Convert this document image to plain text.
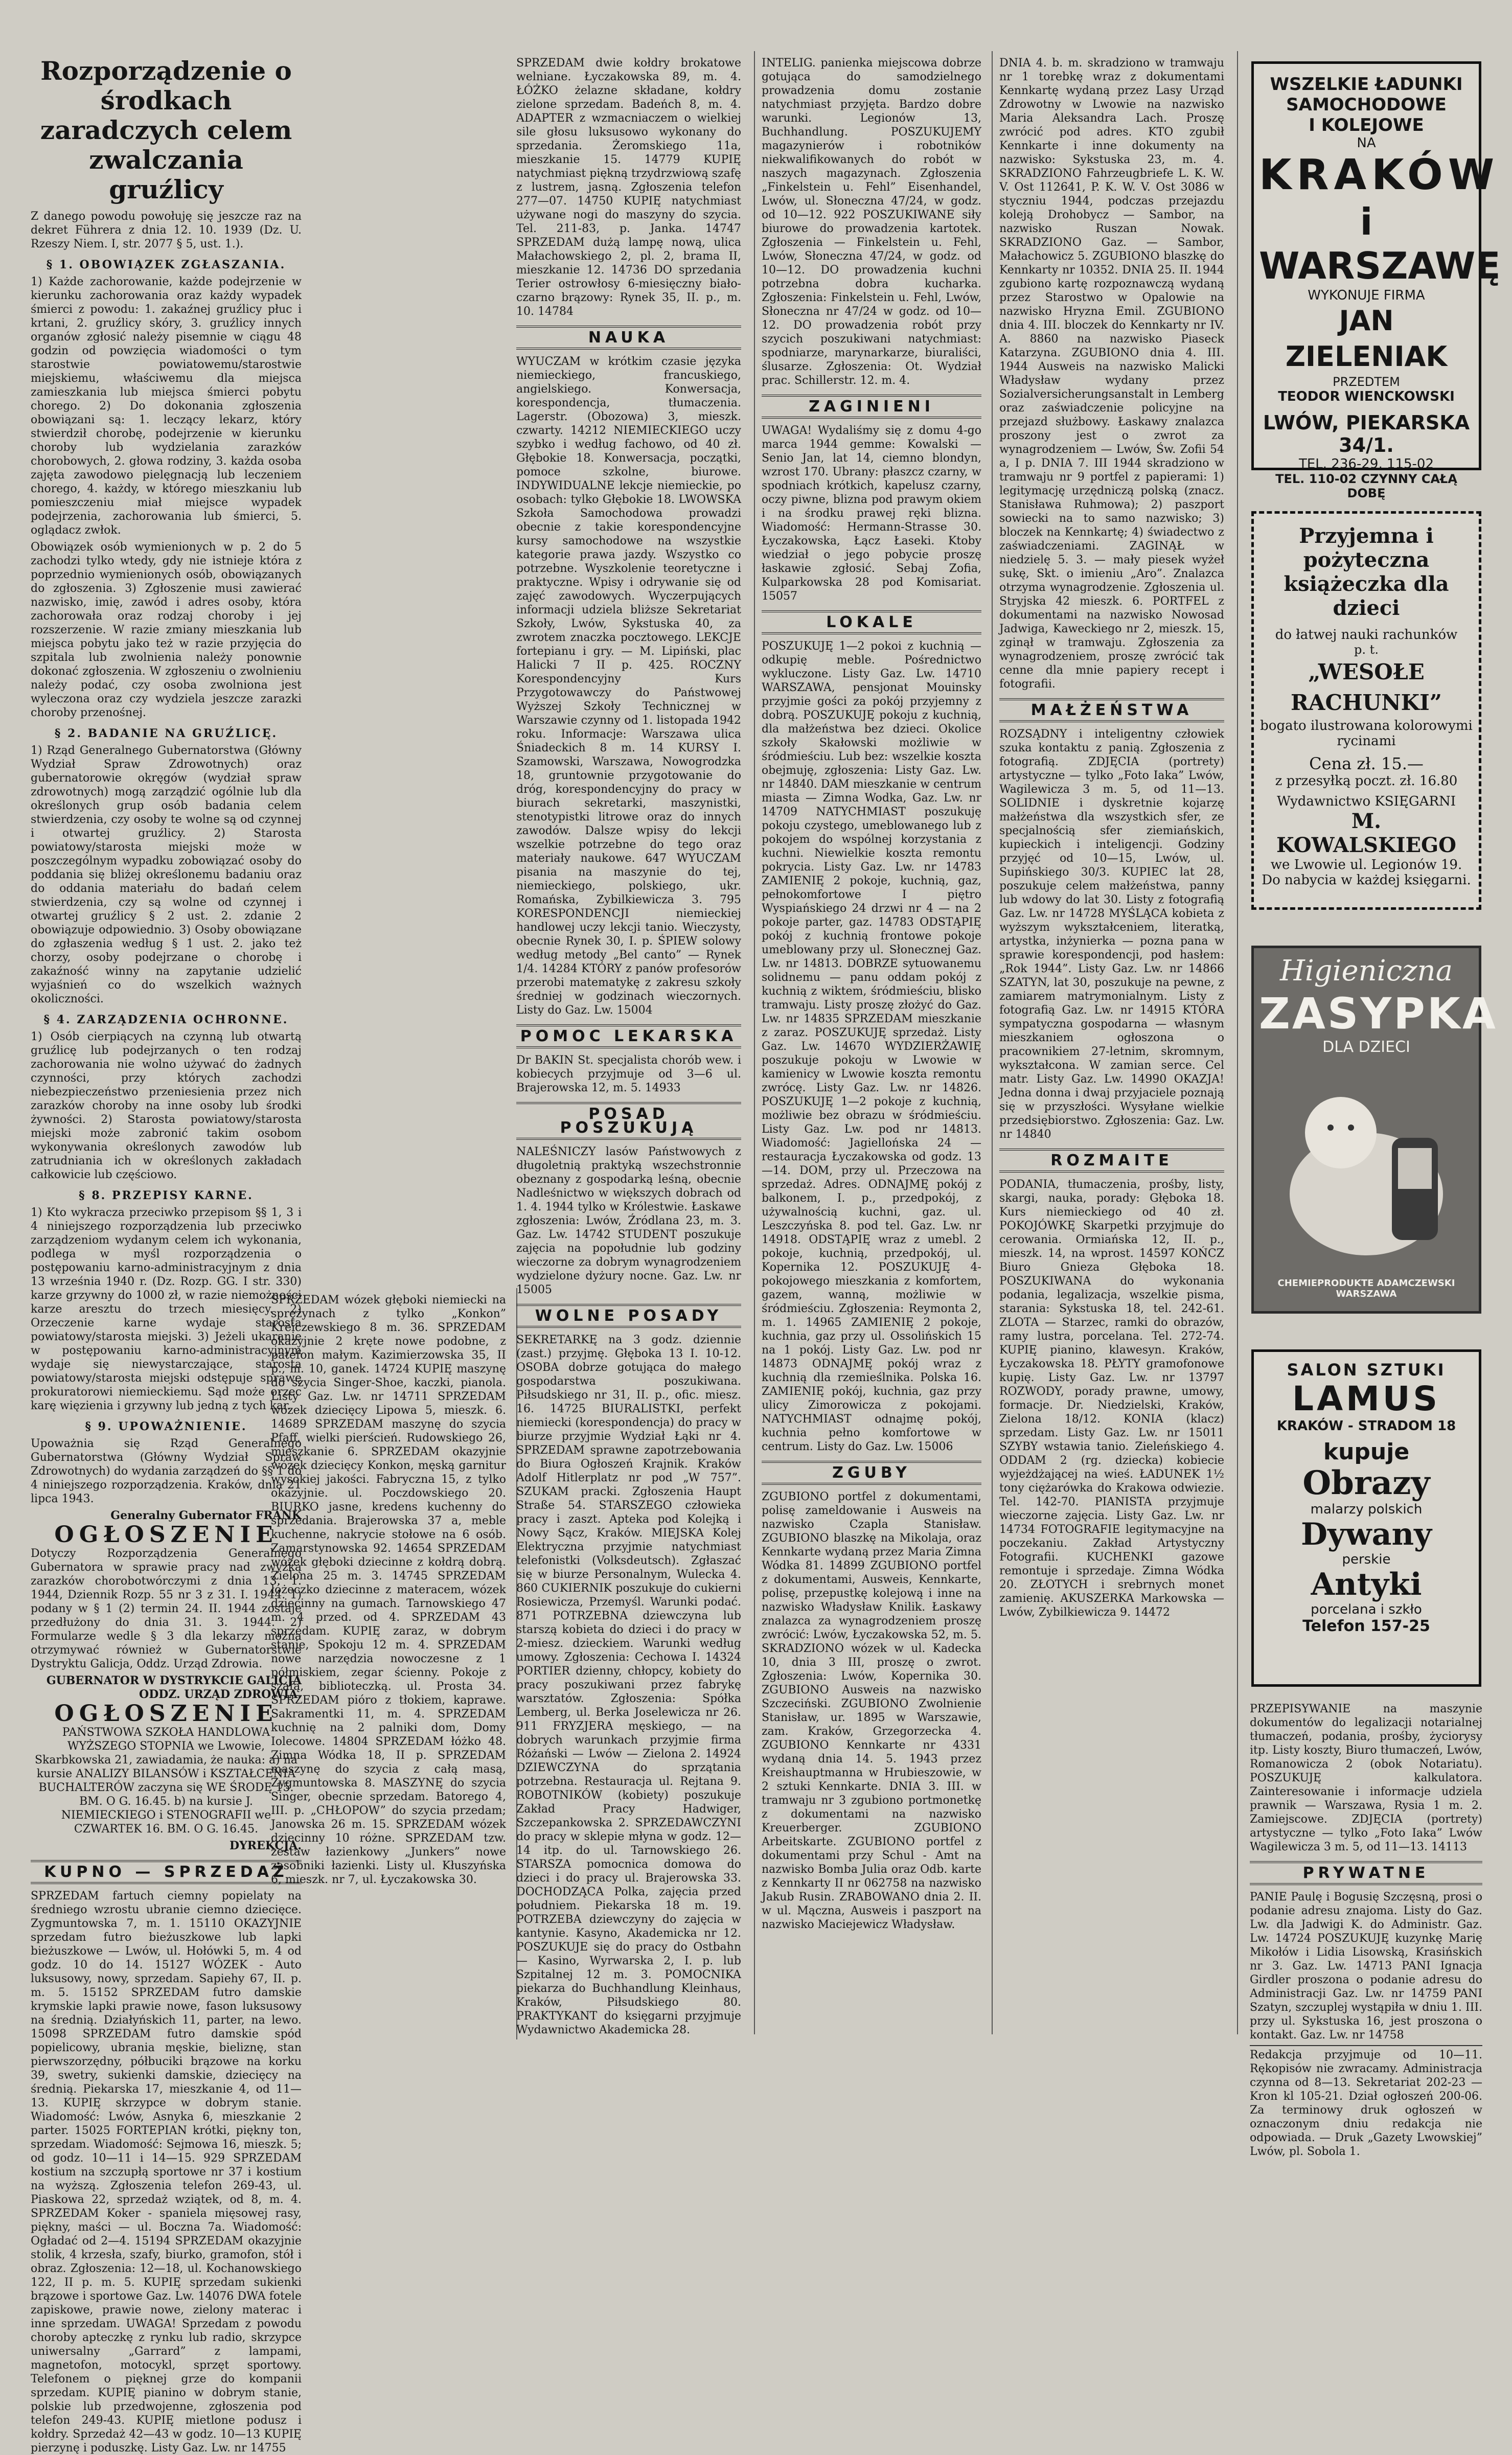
Rozporządzenie o środkach zaradczych celem zwalczania gruźlicy

Z danego powodu powołuję się jeszcze raz na dekret Führera z dnia 12. 10. 1939 (Dz. U. Rzeszy Niem. I, str. 2077 § 5, ust. 1.).

§ 1. OBOWIĄZEK ZGŁASZANIA.

1) Każde zachorowanie, każde podejrzenie w kierunku zachorowania oraz każdy wypadek śmierci z powodu: 1. zakaźnej gruźlicy płuc i krtani, 2. gruźlicy skóry, 3. gruźlicy innych organów zgłosić należy pisemnie w ciągu 48 godzin od powzięcia wiadomości o tym starostwie powiatowemu/starostwie miejskiemu, właściwemu dla miejsca zamieszkania lub miejsca śmierci pobytu chorego. 2) Do dokonania zgłoszenia obowiązani są: 1. leczący lekarz, który stwierdził chorobę, podejrzenie w kierunku choroby lub wydzielania zarazków chorobowych, 2. głowa rodziny, 3. każda osoba zajęta zawodowo pielęgnacją lub leczeniem chorego, 4. każdy, w którego mieszkaniu lub pomieszczeniu miał miejsce wypadek podejrzenia, zachorowania lub śmierci, 5. oglądacz zwłok.

Obowiązek osób wymienionych w p. 2 do 5 zachodzi tylko wtedy, gdy nie istnieje która z poprzednio wymienionych osób, obowiązanych do zgłoszenia. 3) Zgłoszenie musi zawierać nazwisko, imię, zawód i adres osoby, która zachorowała oraz rodzaj choroby i jej rozszerzenie. W razie zmiany mieszkania lub miejsca pobytu jako też w razie przyjęcia do szpitala lub zwolnienia należy ponownie dokonać zgłoszenia. W zgłoszeniu o zwolnieniu należy podać, czy osoba zwolniona jest wyleczona oraz czy wydziela jeszcze zarazki choroby przenośnej.

§ 2. BADANIE NA GRUŹLICĘ.

1) Rząd Generalnego Gubernatorstwa (Główny Wydział Spraw Zdrowotnych) oraz gubernatorowie okręgów (wydział spraw zdrowotnych) mogą zarządzić ogólnie lub dla określonych grup osób badania celem stwierdzenia, czy osoby te wolne są od czynnej i otwartej gruźlicy. 2) Starosta powiatowy/starosta miejski może w poszczególnym wypadku zobowiązać osoby do poddania się bliżej określonemu badaniu oraz do oddania materiału do badań celem stwierdzenia, czy są wolne od czynnej i otwartej gruźlicy § 2 ust. 2. zdanie 2 obowiązuje odpowiednio. 3) Osoby obowiązane do zgłaszenia według § 1 ust. 2. jako też chorzy, osoby podejrzane o chorobę i zakaźność winny na zapytanie udzielić wyjaśnień co do wszelkich ważnych okoliczności.

§ 4. ZARZĄDZENIA OCHRONNE.

1) Osób cierpiących na czynną lub otwartą gruźlicę lub podejrzanych o ten rodzaj zachorowania nie wolno używać do żadnych czynności, przy których zachodzi niebezpieczeństwo przeniesienia przez nich zarazków choroby na inne osoby lub środki żywności. 2) Starosta powiatowy/starosta miejski może zabronić takim osobom wykonywania określonych zawodów lub zatrudniania ich w określonych zakładach całkowicie lub częściowo.

§ 8. PRZEPISY KARNE.

1) Kto wykracza przeciwko przepisom §§ 1, 3 i 4 niniejszego rozporządzenia lub przeciwko zarządzeniom wydanym celem ich wykonania, podlega w myśl rozporządzenia o postępowaniu karno-administracyjnym z dnia 13 września 1940 r. (Dz. Rozp. GG. I str. 330) karze grzywny do 1000 zł, w razie niemożności karze aresztu do trzech miesięcy. 2) Orzeczenie karne wydaje starosta powiatowy/starosta miejski. 3) Jeżeli ukaranie w postępowaniu karno-administracyjnym wydaje się niewystarczające, starosta powiatowy/starosta miejski odstępuje sprawę prokuratorowi niemieckiemu. Sąd może orzec karę więzienia i grzywny lub jedną z tych kar.

§ 9. UPOWAŻNIENIE.

Upoważnia się Rząd Generalnego Gubernatorstwa (Główny Wydział Spraw Zdrowotnych) do wydania zarządzeń do §§ 1 do 4 niniejszego rozporządzenia. Kraków, dnia 21 lipca 1943.

Generalny Gubernator FRANK

OGŁOSZENIE

Dotyczy Rozporządzenia Generalnego Gubernatora w sprawie pracy nad zwyżką zarazków chorobotwórczymi z dnia 13. 1. 1944, Dziennik Rozp. 55 nr 3 z 31. I. 1944. 1) podany w § 1 (2) termin 24. II. 1944 zostaje przedłużony do dnia 31. 3. 1944. 2) Formularze wedle § 3 dla lekarzy można otrzymywać również w Gubernatorstwie Dystryktu Galicja, Oddz. Urząd Zdrowia.

GUBERNATOR W DYSTRYKCIE GALICJA ODDZ. URZĄD ZDROWIA.

OGŁOSZENIE

PAŃSTWOWA SZKOŁA HANDLOWA WYŻSZEGO STOPNIA we Lwowie, Skarbkowska 21, zawiadamia, że nauka: a) na kursie ANALIZY BILANSÓW i KSZTAŁCENIA BUCHALTERÓW zaczyna się WE ŚRODĘ 15. BM. O G. 16.45. b) na kursie J. NIEMIECKIEGO i STENOGRAFII we CZWARTEK 16. BM. O G. 16.45.

DYREKCJA.

KUPNO — SPRZEDAŻ

SPRZEDAM fartuch ciemny popielaty na średniego wzrostu ubranie ciemno dziecięce. Zygmuntowska 7, m. 1. 15110 OKAZYJNIE sprzedam futro bieżuszkowe lub lapki bieżuszkowe — Lwów, ul. Hołówki 5, m. 4 od godz. 10 do 14. 15127 WÓZEK - Auto luksusowy, nowy, sprzedam. Sapiehy 67, II. p. m. 5. 15152 SPRZEDAM futro damskie krymskie lapki prawie nowe, fason luksusowy na średnią. Działyńskich 11, parter, na lewo. 15098 SPRZEDAM futro damskie spód popielicowy, ubrania męskie, bieliznę, stan pierwszorzędny, półbuciki brązowe na korku 39, swetry, sukienki damskie, dziecięcy na średnią. Piekarska 17, mieszkanie 4, od 11—13. KUPIĘ skrzypce w dobrym stanie. Wiadomość: Lwów, Asnyka 6, mieszkanie 2 parter. 15025 FORTEPIAN krótki, piękny ton, sprzedam. Wiadomość: Sejmowa 16, mieszk. 5; od godz. 10—11 i 14—15. 929 SPRZEDAM kostium na szczupłą sportowe nr 37 i kostium na wyższą. Zgłoszenia telefon 269-43, ul. Piaskowa 22, sprzedaż wziątek, od 8, m. 4. SPRZEDAM Koker - spaniela mięsowej rasy, piękny, maści — ul. Boczna 7a. Wiadomość: Ogładać od 2—4. 15194 SPRZEDAM okazyjnie stolik, 4 krzesła, szafy, biurko, gramofon, stół i obraz. Zgłoszenia: 12—18, ul. Kochanowskiego 122, II p. m. 5. KUPIĘ sprzedam sukienki brązowe i sportowe Gaz. Lw. 14076 DWA fotele zapiskowe, prawie nowe, zielony materac i inne sprzedam. UWAGA! Sprzedam z powodu choroby apteczkę z rynku lub radio, skrzypce uniwersalny „Garrard” z lampami, magnetofon, motocykl, sprzęt sportowy. Telefonem o pięknej grze do kompanii sprzedam. KUPIĘ pianino w dobrym stanie, polskie lub przedwojenne, zgłoszenia pod telefon 249-43. KUPIĘ mietlone podusz i kołdry. Sprzedaż 42—43 w godz. 10—13 KUPIĘ pierzynę i poduszkę. Listy Gaz. Lw. nr 14755

SPRZEDAM dwie kołdry brokatowe welniane. Łyczakowska 89, m. 4. ŁÓŻKO żelazne składane, kołdry zielone sprzedam. Badeńch 8, m. 4. ADAPTER z wzmacniaczem o wielkiej sile głosu luksusowo wykonany do sprzedania. Żeromskiego 11a, mieszkanie 15. 14779 KUPIĘ natychmiast piękną trzydrzwiową szafę z lustrem, jasną. Zgłoszenia telefon 277—07. 14750 KUPIĘ natychmiast używane nogi do maszyny do szycia. Tel. 211-83, p. Janka. 14747 SPRZEDAM dużą lampę nową, ulica Małachowskiego 2, pl. 2, brama II, mieszkanie 12. 14736 DO sprzedania Terier ostrowłosy 6-miesięczny biało-czarno brązowy: Rynek 35, II. p., m. 10. 14784

NAUKA

WYUCZAM w krótkim czasie języka niemieckiego, francuskiego, angielskiego. Konwersacja, korespondencja, tłumaczenia. Lagerstr. (Obozowa) 3, mieszk. czwarty. 14212 NIEMIECKIEGO uczy szybko i według fachowo, od 40 zł. Głębokie 18. Konwersacja, początki, pomoce szkolne, biurowe. INDYWIDUALNE lekcje niemieckie, po osobach: tylko Głębokie 18. LWOWSKA Szkoła Samochodowa prowadzi obecnie z takie korespondencyjne kursy samochodowe na wszystkie kategorie prawa jazdy. Wszystko co potrzebne. Wyszkolenie teoretyczne i praktyczne. Wpisy i odrywanie się od zajęć zawodowych. Wyczerpujących informacji udziela bliższe Sekretariat Szkoły, Lwów, Sykstuska 40, za zwrotem znaczka pocztowego. LEKCJE fortepianu i gry. — M. Lipiński, plac Halicki 7 II p. 425. ROCZNY Korespondencyjny Kurs Przygotowawczy do Państwowej Wyższej Szkoły Technicznej w Warszawie czynny od 1. listopada 1942 roku. Informacje: Warszawa ulica Śniadeckich 8 m. 14 KURSY I. Szamowski, Warszawa, Nowogrodzka 18, gruntownie przygotowanie do dróg, korespondencyjny do pracy w biurach sekretarki, maszynistki, stenotypistki litrowe oraz do innych zawodów. Dalsze wpisy do lekcji wszelkie potrzebne do tego oraz materiały naukowe. 647 WYUCZAM pisania na maszynie do tej, niemieckiego, polskiego, ukr. Romańska, Zybilkiewicza 3. 795 KORESPONDENCJI niemieckiej handlowej uczy lekcji tanio. Wieczysty, obecnie Rynek 30, I. p. ŚPIEW solowy według metody „Bel canto” — Rynek 1/4. 14284 KTÓRY z panów profesorów przerobi matematykę z zakresu szkoły średniej w godzinach wieczornych. Listy do Gaz. Lw. 15004

POMOC LEKARSKA

Dr BAKIN St. specjalista chorób wew. i kobiecych przyjmuje od 3—6 ul. Brajerowska 12, m. 5. 14933

POSAD POSZUKUJĄ

NALEŚNICZY lasów Państwowych z długoletnią praktyką wszechstronnie obeznany z gospodarką leśną, obecnie Nadleśnictwo w większych dobrach od 1. 4. 1944 tylko w Królestwie. Łaskawe zgłoszenia: Lwów, Źródlana 23, m. 3. Gaz. Lw. 14742 STUDENT poszukuje zajęcia na popołudnie lub godziny wieczorne za dobrym wynagrodzeniem wydzielone dyżury nocne. Gaz. Lw. nr 15005

WOLNE POSADY

SEKRETARKĘ na 3 godz. dziennie (zast.) przyjmę. Głęboka 13 I. 10-12. OSOBA dobrze gotująca do małego gospodarstwa poszukiwana. Piłsudskiego nr 31, II. p., ofic. miesz. 16. 14725 BIURALISTKI, perfekt niemiecki (korespondencja) do pracy w biurze przyjmie Wydział Łąki nr 4. SPRZEDAM sprawne zapotrzebowania do Biura Ogłoszeń Krajnik. Kraków Adolf Hitlerplatz nr pod „W 757”. SZUKAM pracki. Zgłoszenia Haupt Straße 54. STARSZEGO człowieka pracy i zaszt. Apteka pod Kolejką i Nowy Sącz, Kraków. MIEJSKA Kolej Elektryczna przyjmie natychmiast telefonistki (Volksdeutsch). Zgłaszać się w biurze Personalnym, Wulecka 4. 860 CUKIERNIK poszukuje do cukierni Rosiewicza, Przemyśl. Warunki podać. 871 POTRZEBNA dziewczyna lub starszą kobieta do dzieci i do pracy w 2-miesz. dzieckiem. Warunki według umowy. Zgłoszenia: Cechowa I. 14324 PORTIER dzienny, chłopcy, kobiety do pracy poszukiwani przez fabrykę warsztatów. Zgłoszenia: Spółka Lemberg, ul. Berka Joselewicza nr 26. 911 FRYZJERA męskiego, — na dobrych warunkach przyjmie firma Różański — Lwów — Zielona 2. 14924 DZIEWCZYNA do sprzątania potrzebna. Restauracja ul. Rejtana 9. ROBOTNIKÓW (kobiety) poszukuje Zakład Pracy Hadwiger, Szczepankowska 2. SPRZEDAWCZYNI do pracy w sklepie młyna w godz. 12—14 itp. do ul. Tarnowskiego 26. STARSZA pomocnica domowa do dzieci i do pracy ul. Brajerowska 33. DOCHODZĄCA Polka, zajęcia przed południem. Piekarska 18 m. 19. POTRZEBA dziewczyny do zajęcia w kantynie. Kasyno, Akademicka nr 12. POSZUKUJE się do pracy do Ostbahn — Kasino, Wyrwarska 2, I. p. lub Szpitalnej 12 m. 3. POMOCNIKA piekarza do Buchhandlung Kleinhaus, Kraków, Piłsudskiego 80. PRAKTYKANT do księgarni przyjmuje Wydawnictwo Akademicka 28.

SPRZEDAM wózek głęboki niemiecki na sprężynach z tylko „Konkon” Kreiczewskiego 8 m. 36. SPRZEDAM okazyjnie 2 kręte nowe podobne, z patefon małym. Kazimierzowska 35, II p., m. 10, ganek. 14724 KUPIĘ maszynę do szycia Singer-Shoe, kaczki, pianola. Listy Gaz. Lw. nr 14711 SPRZEDAM wózek dziecięcy Lipowa 5, mieszk. 6. 14689 SPRZEDAM maszynę do szycia Pfaff, wielki pierścień. Rudowskiego 26, mieszkanie 6. SPRZEDAM okazyjnie wózek dziecięcy Konkon, męską garnitur wysokiej jakości. Fabryczna 15, z tylko okazyjnie. ul. Poczdowskiego 20. BIURKO jasne, kredens kuchenny do sprzedania. Brajerowska 37 a, meble kuchenne, nakrycie stołowe na 6 osób. Zamarstynowska 92. 14654 SPRZEDAM wózek głęboki dziecinne z kołdrą dobrą. Zielona 25 m. 3. 14745 SPRZEDAM łóżeczko dziecinne z materacem, wózek dziecinny na gumach. Tarnowskiego 47 m. 4 przed. od 4. SPRZEDAM 43 sprzedam. KUPIĘ zaraz, w dobrym stanie, Spokoju 12 m. 4. SPRZEDAM nowe narzędzia nowoczesne z 1 półmiskiem, zegar ścienny. Pokoje z szafą, biblioteczką. ul. Prosta 34. SPRZEDAM pióro z tłokiem, kaprawe. Sakramentki 11, m. 4. SPRZEDAM kuchnię na 2 palniki dom, Domy Iolecowe. 14804 SPRZEDAM łóżko 48. Zimna Wódka 18, II p. SPRZEDAM maszynę do szycia z całą masą, Zygmuntowska 8. MASZYNĘ do szycia Singer, obecnie sprzedam. Batorego 4, III. p. „CHŁOPOW” do szycia przedam; Janowska 26 m. 15. SPRZEDAM wózek dziecinny 10 różne. SPRZEDAM tzw. zestaw łazienkowy „Junkers” nowe zasobniki łazienki. Listy ul. Kłuszyńska 6, mieszk. nr 7, ul. Łyczakowska 30.

INTELIG. panienka miejscowa dobrze gotująca do samodzielnego prowadzenia domu zostanie natychmiast przyjęta. Bardzo dobre warunki. Legionów 13, Buchhandlung. POSZUKUJEMY magazynierów i robotników niekwalifikowanych do robót w naszych magazynach. Zgłoszenia „Finkelstein u. Fehl” Eisenhandel, Lwów, ul. Słoneczna 47/24, w godz. od 10—12. 922 POSZUKIWANE siły biurowe do prowadzenia kartotek. Zgłoszenia — Finkelstein u. Fehl, Lwów, Słoneczna 47/24, w godz. od 10—12. DO prowadzenia kuchni potrzebna dobra kucharka. Zgłoszenia: Finkelstein u. Fehl, Lwów, Słoneczna nr 47/24 w godz. od 10—12. DO prowadzenia robót przy szycich poszukiwani natychmiast: spodniarze, marynarkarze, biuraliści, ślusarze. Zgłoszenia: Ot. Wydział prac. Schillerstr. 12. m. 4.

ZAGINIENI

UWAGA! Wydaliśmy się z domu 4-go marca 1944 gemme: Kowalski — Senio Jan, lat 14, ciemno blondyn, wzrost 170. Ubrany: płaszcz czarny, w spodniach krótkich, kapelusz czarny, oczy piwne, blizna pod prawym okiem i na środku prawej ręki blizna. Wiadomość: Hermann-Strasse 30. Łyczakowska, Łącz Łaseki. Ktoby wiedział o jego pobycie proszę łaskawie zgłosić. Sebaj Zofia, Kulparkowska 28 pod Komisariat. 15057

LOKALE

POSZUKUJĘ 1—2 pokoi z kuchnią — odkupię meble. Pośrednictwo wykluczone. Listy Gaz. Lw. 14710 WARSZAWA, pensjonat Mouinsky przyjmie gości za pokój przyjemny z dobrą. POSZUKUJĘ pokoju z kuchnią, dla małżeństwa bez dzieci. Okolice szkoły Skałowski możliwie w śródmieściu. Lub bez: wszelkie koszta obejmuję, zgłoszenia: Listy Gaz. Lw. nr 14840. DAM mieszkanie w centrum miasta — Zimna Wodka, Gaz. Lw. nr 14709 NATYCHMIAST poszukuję pokoju czystego, umeblowanego lub z pokojem do wspólnej korzystania z kuchni. Niewielkie koszta remontu pokrycia. Listy Gaz. Lw. nr 14783 ZAMIENIĘ 2 pokoje, kuchnią, gaz, pełnokomfortowe I piętro Wyspiańskiego 24 drzwi nr 4 — na 2 pokoje parter, gaz. 14783 ODSTĄPIĘ pokój z kuchnią frontowe pokoje umeblowany przy ul. Słonecznej Gaz. Lw. nr 14813. DOBRZE sytuowanemu solidnemu — panu oddam pokój z kuchnią z wiktem, śródmieściu, blisko tramwaju. Listy proszę złożyć do Gaz. Lw. nr 14835 SPRZEDAM mieszkanie z zaraz. POSZUKUJĘ sprzedaż. Listy Gaz. Lw. 14670 WYDZIERŻAWIĘ poszukuje pokoju w Lwowie w kamienicy w Lwowie koszta remontu zwrócę. Listy Gaz. Lw. nr 14826. POSZUKUJĘ 1—2 pokoje z kuchnią, możliwie bez obrazu w śródmieściu. Listy Gaz. Lw. pod nr 14813. Wiadomość: Jagiellońska 24 — restauracja Łyczakowska od godz. 13—14. DOM, przy ul. Przeczowa na sprzedaż. Adres. ODNAJMĘ pokój z balkonem, I. p., przedpokój, z używalnością kuchni, gaz. ul. Leszczyńska 8. pod tel. Gaz. Lw. nr 14918. ODSTĄPIĘ wraz z umebl. 2 pokoje, kuchnią, przedpokój, ul. Kopernika 12. POSZUKUJĘ 4-pokojowego mieszkania z komfortem, gazem, wanną, możliwie w śródmieściu. Zgłoszenia: Reymonta 2, m. 1. 14965 ZAMIENIĘ 2 pokoje, kuchnia, gaz przy ul. Ossolińskich 15 na 1 pokój. Listy Gaz. Lw. pod nr 14873 ODNAJMĘ pokój wraz z kuchnią dla rzemieślnika. Polska 16. ZAMIENIĘ pokój, kuchnia, gaz przy ulicy Zimorowicza z pokojami. NATYCHMIAST odnajmę pokój, kuchnia pełno komfortowe w centrum. Listy do Gaz. Lw. 15006

ZGUBY

ZGUBIONO portfel z dokumentami, polisę zameldowanie i Ausweis na nazwisko Czapla Stanisław. ZGUBIONO blaszkę na Mikolaja, oraz Kennkarte wydaną przez Maria Zimna Wódka 81. 14899 ZGUBIONO portfel z dokumentami, Ausweis, Kennkarte, polisę, przepustkę kolejową i inne na nazwisko Władysław Knilik. Łaskawy znalazca za wynagrodzeniem proszę zwrócić: Lwów, Łyczakowska 52, m. 5. SKRADZIONO wózek w ul. Kadecka 10, dnia 3 III, proszę o zwrot. Zgłoszenia: Lwów, Kopernika 30. ZGUBIONO Ausweis na nazwisko Szczeciński. ZGUBIONO Zwolnienie Stanisław, ur. 1895 w Warszawie, zam. Kraków, Grzegorzecka 4. ZGUBIONO Kennkarte nr 4331 wydaną dnia 14. 5. 1943 przez Kreishauptmanna w Hrubieszowie, w 2 sztuki Kennkarte. DNIA 3. III. w tramwaju nr 3 zgubiono portmonetkę z dokumentami na nazwisko Kreuerberger. ZGUBIONO Arbeitskarte. ZGUBIONO portfel z dokumentami przy Schul - Amt na nazwisko Bomba Julia oraz Odb. karte z Kennkarty II nr 062758 na nazwisko Jakub Rusin. ZRABOWANO dnia 2. II. w ul. Mączna, Ausweis i paszport na nazwisko Maciejewicz Władysław.

DNIA 4. b. m. skradziono w tramwaju nr 1 torebkę wraz z dokumentami Kennkartę wydaną przez Lasy Urząd Zdrowotny w Lwowie na nazwisko Maria Aleksandra Lach. Proszę zwrócić pod adres. KTO zgubił Kennkarte i inne dokumenty na nazwisko: Sykstuska 23, m. 4. SKRADZIONO Fahrzeugbriefe L. K. W. V. Ost 112641, P. K. W. V. Ost 3086 w styczniu 1944, podczas przejazdu koleją Drohobycz — Sambor, na nazwisko Ruszan Nowak. SKRADZIONO Gaz. — Sambor, Małachowicz 5. ZGUBIONO blaszkę do Kennkarty nr 10352. DNIA 25. II. 1944 zgubiono kartę rozpoznawczą wydaną przez Starostwo w Opalowie na nazwisko Hryzna Emil. ZGUBIONO dnia 4. III. bloczek do Kennkarty nr IV. A. 8860 na nazwisko Piaseck Katarzyna. ZGUBIONO dnia 4. III. 1944 Ausweis na nazwisko Malicki Władysław wydany przez Sozialversicherungsanstalt in Lemberg oraz zaświadczenie policyjne na przejazd służbowy. Łaskawy znalazca proszony jest o zwrot za wynagrodzeniem — Lwów, Św. Zofii 54 a, I p. DNIA 7. III 1944 skradziono w tramwaju nr 9 portfel z papierami: 1) legitymację urzędniczą polską (znacz. Stanisława Ruhmowa); 2) paszport sowiecki na to samo nazwisko; 3) bloczek na Kennkartę; 4) świadectwo z zaświadczeniami. ZAGINĄŁ w niedzielę 5. 3. — mały piesek wyżeł sukę, Skt. o imieniu „Aro”. Znalazca otrzyma wynagrodzenie. Zgłoszenia ul. Stryjska 42 mieszk. 6. PORTFEL z dokumentami na nazwisko Nowosad Jadwiga, Kaweckiego nr 2, mieszk. 15, zginął w tramwaju. Zgłoszenia za wynagrodzeniem, proszę zwrócić tak cenne dla mnie papiery recept i fotografii.

MAŁŻEŃSTWA

ROZSĄDNY i inteligentny człowiek szuka kontaktu z panią. Zgłoszenia z fotografią. ZDJĘCIA (portrety) artystyczne — tylko „Foto Iaka” Lwów, Wagilewicza 3 m. 5, od 11—13. SOLIDNIE i dyskretnie kojarzę małżeństwa dla wszystkich sfer, ze specjalnością sfer ziemiańskich, kupieckich i inteligencji. Godziny przyjęć od 10—15, Lwów, ul. Supińskiego 30/3. KUPIEC lat 28, poszukuje celem małżeństwa, panny lub wdowy do lat 30. Listy z fotografią Gaz. Lw. nr 14728 MYŚLĄCA kobieta z wyższym wykształceniem, literatką, artystka, inżynierka — pozna pana w sprawie korespondencji, pod hasłem: „Rok 1944”. Listy Gaz. Lw. nr 14866 SZATYN, lat 30, poszukuje na pewne, z zamiarem matrymonialnym. Listy z fotografią Gaz. Lw. nr 14915 KTÓRA sympatyczna gospodarna — własnym mieszkaniem ogłoszona o pracownikiem 27-letnim, skromnym, wykształcona. W zamian serce. Cel matr. Listy Gaz. Lw. 14990 OKAZJA! Jedna donna i dwaj przyjaciele poznają się w przyszłości. Wysyłane wielkie przedsiębiorstwo. Zgłoszenia: Gaz. Lw. nr 14840

ROZMAITE

PODANIA, tłumaczenia, prośby, listy, skargi, nauka, porady: Głęboka 18. Kurs niemieckiego od 40 zł. POKOJÓWKĘ Skarpetki przyjmuje do cerowania. Ormiańska 12, II. p., mieszk. 14, na wprost. 14597 KOŃCZ Biuro Gnieza Głęboka 18. POSZUKIWANA do wykonania podania, legalizacja, wszelkie pisma, starania: Sykstuska 18, tel. 242-61. ZLOTA — Starzec, ramki do obrazów, ramy lustra, porcelana. Tel. 272-74. KUPIĘ pianino, klawesyn. Kraków, Łyczakowska 18. PŁYTY gramofonowe kupię. Listy Gaz. Lw. nr 13797 ROZWODY, porady prawne, umowy, formacje. Dr. Niedzielski, Kraków, Zielona 18/12. KONIA (klacz) sprzedam. Listy Gaz. Lw. nr 15011 SZYBY wstawia tanio. Zieleńskiego 4. ODDAM 2 (rg. dziecka) kobiecie wyjeżdżającej na wieś. ŁADUNEK 1½ tony ciężarówka do Krakowa odwiezie. Tel. 142-70. PIANISTA przyjmuje wieczorne zajęcia. Listy Gaz. Lw. nr 14734 FOTOGRAFIE legitymacyjne na poczekaniu. Zakład Artystyczny Fotografii. KUCHENKI gazowe remontuje i sprzedaje. Zimna Wódka 20. ZŁOTYCH i srebrnych monet zamienię. AKUSZERKA Markowska — Lwów, Zybilkiewicza 9. 14472

WSZELKIE ŁADUNKI
SAMOCHODOWE
I KOLEJOWE
NA
KRAKÓW
i WARSZAWĘ
WYKONUJE FIRMA
JAN ZIELENIAK
PRZEDTEM
TEODOR WIENCKOWSKI
LWÓW, PIEKARSKA 34/1.
TEL. 236-29, 115-02
TEL. 110-02 CZYNNY CAŁĄ DOBĘ
Przyjemna i pożyteczna
książeczka dla dzieci
do łatwej nauki rachunków
p. t.
„WESOŁE RACHUNKI”
bogato ilustrowana kolorowymi rycinami
Cena zł. 15.—
z przesyłką poczt. zł. 16.80
Wydawnictwo KSIĘGARNI
M. KOWALSKIEGO
we Lwowie ul. Legionów 19.
Do nabycia w każdej księgarni.
Higieniczna
ZASYPKA
DLA DZIECI
CHEMIEPRODUKTE ADAMCZEWSKI WARSZAWA
SALON SZTUKI
LAMUS
KRAKÓW - STRADOM 18
kupuje
Obrazy
malarzy polskich
Dywany
perskie
Antyki
porcelana i szkło
Telefon 157-25

PRZEPISYWANIE na maszynie dokumentów do legalizacji notarialnej tłumaczeń, podania, prośby, życiorysy itp. Listy koszty, Biuro tłumaczeń, Lwów, Romanowicza 2 (obok Notariatu). POSZUKUJĘ kalkulatora. Zainteresowanie i informacje udziela prawnik — Warszawa, Rysia 1 m. 2. Zamiejscowe. ZDJĘCIA (portrety) artystyczne — tylko „Foto Iaka” Lwów Wagilewicza 3 m. 5, od 11—13. 14113

PRYWATNE

PANIE Paulę i Bogusię Szczęsną, prosi o podanie adresu znajoma. Listy do Gaz. Lw. dla Jadwigi K. do Administr. Gaz. Lw. 14724 POSZUKUJĘ kuzynkę Marię Mikołów i Lidia Lisowską, Krasińskich nr 3. Gaz. Lw. 14713 PANI Ignacja Girdler proszona o podanie adresu do Administracji Gaz. Lw. nr 14759 PANI Szatyn, szczuplej wystąpiła w dniu 1. III. przy ul. Sykstuska 16, jest proszona o kontakt. Gaz. Lw. nr 14758

Redakcja przyjmuje od 10—11. Rękopisów nie zwracamy. Administracja czynna od 8—13. Sekretariat 202-23 — Kron kl 105-21. Dział ogłoszeń 200-06. Za terminowy druk ogłoszeń w oznaczonym dniu redakcja nie odpowiada. — Druk „Gazety Lwowskiej” Lwów, pl. Sobola 1.
